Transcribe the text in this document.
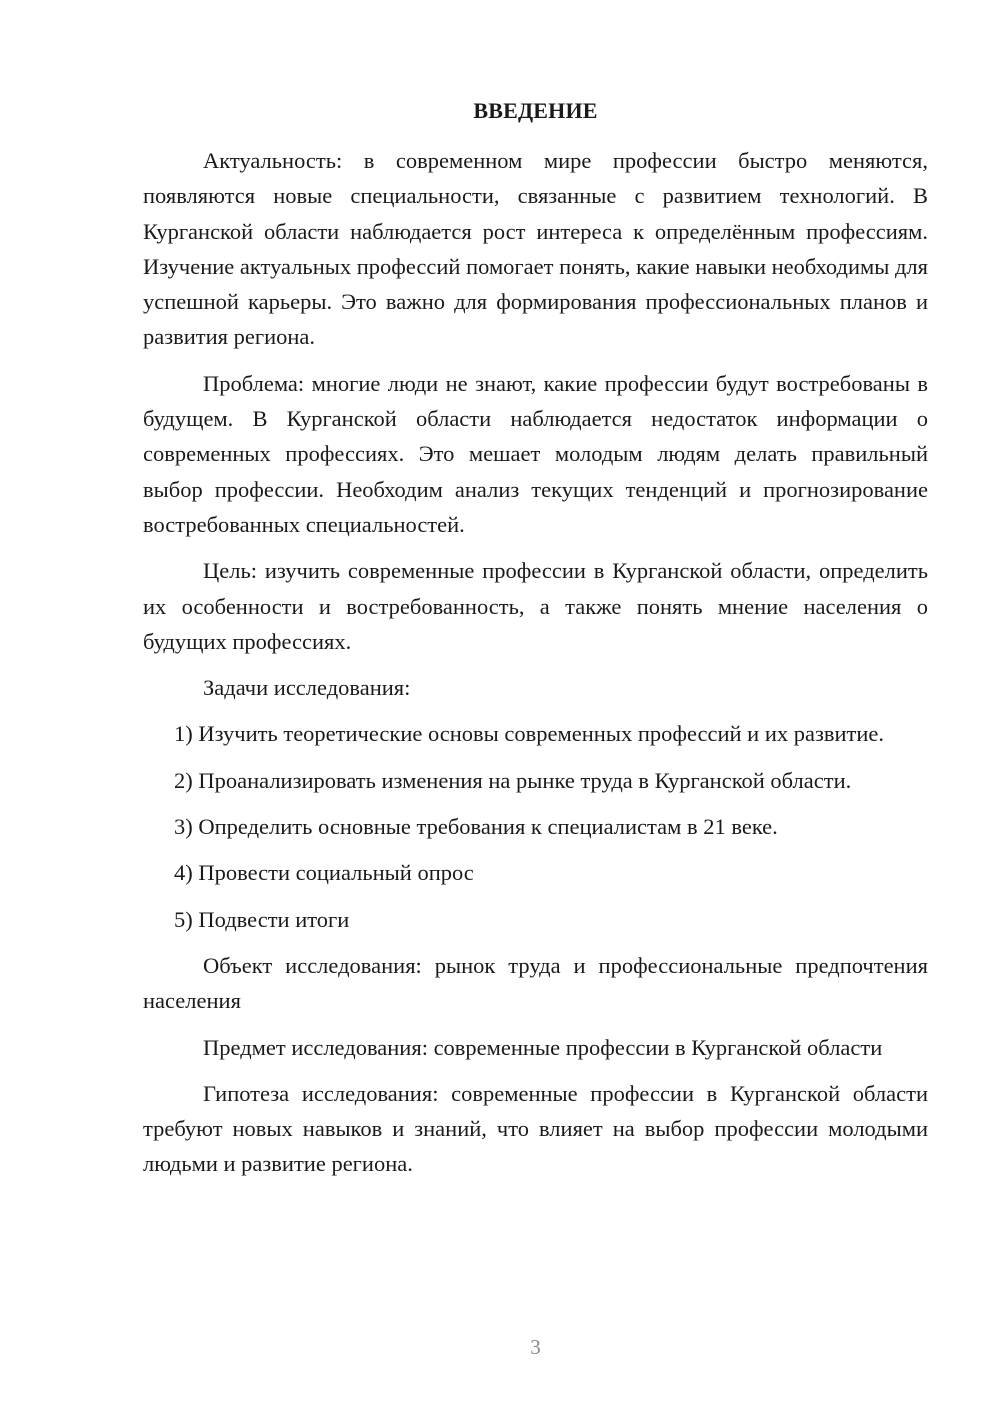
ВВЕДЕНИЕ

Актуальность: в современном мире профессии быстро меняются, появляются новые специальности, связанные с развитием технологий. В Курганской области наблюдается рост интереса к определённым профессиям. Изучение актуальных профессий помогает понять, какие навыки необходимы для успешной карьеры. Это важно для формирования профессиональных планов и развития региона.

Проблема: многие люди не знают, какие профессии будут востребованы в будущем. В Курганской области наблюдается недостаток информации о современных профессиях. Это мешает молодым людям делать правильный выбор профессии. Необходим анализ текущих тенденций и прогнозирование востребованных специальностей.

Цель: изучить современные профессии в Курганской области, определить их особенности и востребованность, а также понять мнение населения о будущих профессиях.

Задачи исследования:

1) Изучить теоретические основы современных профессий и их развитие.

2) Проанализировать изменения на рынке труда в Курганской области.

3) Определить основные требования к специалистам в 21 веке.

4) Провести социальный опрос

5) Подвести итоги

Объект исследования: рынок труда и профессиональные предпочтения населения

Предмет исследования: современные профессии в Курганской области

Гипотеза исследования: современные профессии в Курганской области требуют новых навыков и знаний, что влияет на выбор профессии молодыми людьми и развитие региона.

3
